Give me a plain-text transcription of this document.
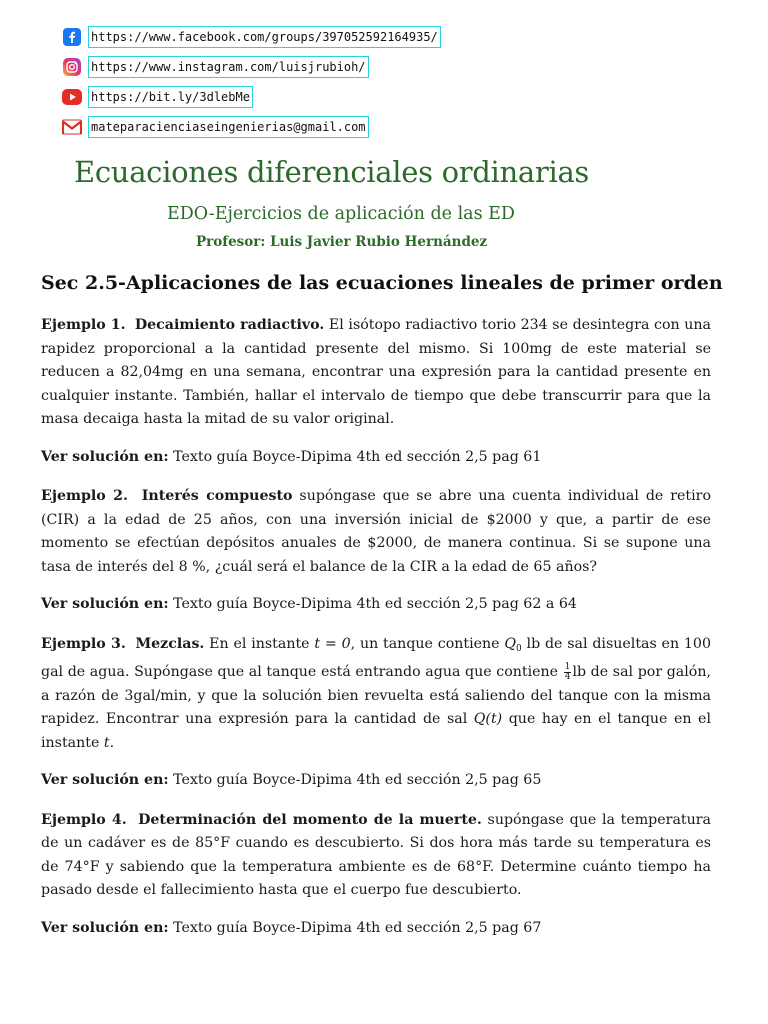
https://www.facebook.com/groups/397052592164935/
https://www.instagram.com/luisjrubioh/
https://bit.ly/3dlebMe
mateparacienciaseingenierias@gmail.com
Ecuaciones diferenciales ordinarias
EDO-Ejercicios de aplicación de las ED
Profesor: Luis Javier Rubio Hernández
Sec 2.5-Aplicaciones de las ecuaciones lineales de primer orden

Ejemplo 1. Decaimiento radiactivo. El isótopo radiactivo torio 234 se desintegra con una rapidez proporcional a la cantidad presente del mismo. Si 100mg de este material se reducen a 82,04mg en una semana, encontrar una expresión para la cantidad presente en cualquier instante. También, hallar el intervalo de tiempo que debe transcurrir para que la masa decaiga hasta la mitad de su valor original.

Ver solución en: Texto guía Boyce-Dipima 4th ed sección 2,5 pag 61

Ejemplo 2. Interés compuesto supóngase que se abre una cuenta individual de retiro (CIR) a la edad de 25 años, con una inversión inicial de $2000 y que, a partir de ese momento se efectúan depósitos anuales de $2000, de manera continua. Si se supone una tasa de interés del 8 %, ¿cuál será el balance de la CIR a la edad de 65 años?

Ver solución en: Texto guía Boyce-Dipima 4th ed sección 2,5 pag 62 a 64

Ejemplo 3. Mezclas. En el instante t = 0, un tanque contiene $Q_0$ lb de sal disueltas en 100 gal de agua. Supóngase que al tanque está entrando agua que contiene $\frac{1}{4}$ lb de sal por galón, a razón de 3gal/min, y que la solución bien revuelta está saliendo del tanque con la misma rapidez. Encontrar una expresión para la cantidad de sal Q(t) que hay en el tanque en el instante t.

Ver solución en: Texto guía Boyce-Dipima 4th ed sección 2,5 pag 65

Ejemplo 4. Determinación del momento de la muerte. supóngase que la temperatura de un cadáver es de 85°F cuando es descubierto. Si dos hora más tarde su temperatura es de 74°F y sabiendo que la temperatura ambiente es de 68°F. Determine cuánto tiempo ha pasado desde el fallecimiento hasta que el cuerpo fue descubierto.

Ver solución en: Texto guía Boyce-Dipima 4th ed sección 2,5 pag 67
